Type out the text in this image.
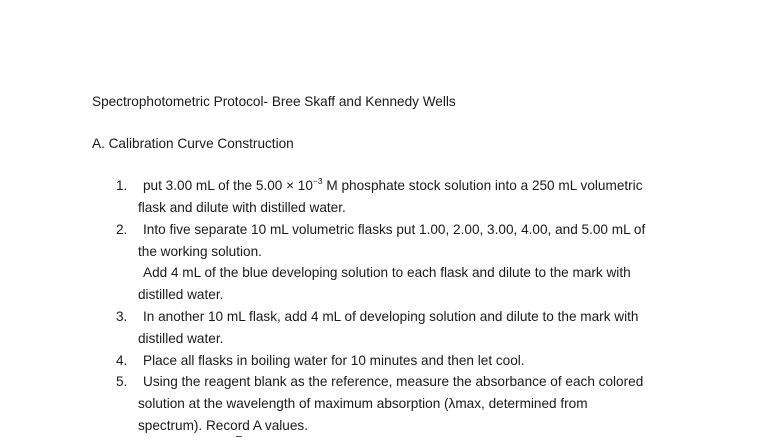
Spectrophotometric Protocol- Bree Skaff and Kennedy Wells
A. Calibration Curve Construction
1. put 3.00 mL of the $5.00 \times 10^{-3}$ M phosphate stock solution into a 250 mL volumetric
flask and dilute with distilled water.
2. Into five separate 10 mL volumetric flasks put 1.00, 2.00, 3.00, 4.00, and 5.00 mL of
the working solution.
Add 4 mL of the blue developing solution to each flask and dilute to the mark with
distilled water.
3. In another 10 mL flask, add 4 mL of developing solution and dilute to the mark with
distilled water.
4. Place all flasks in boiling water for 10 minutes and then let cool.
5. Using the reagent blank as the reference, measure the absorbance of each colored
solution at the wavelength of maximum absorption (λmax, determined from
spectrum). Record A values.
